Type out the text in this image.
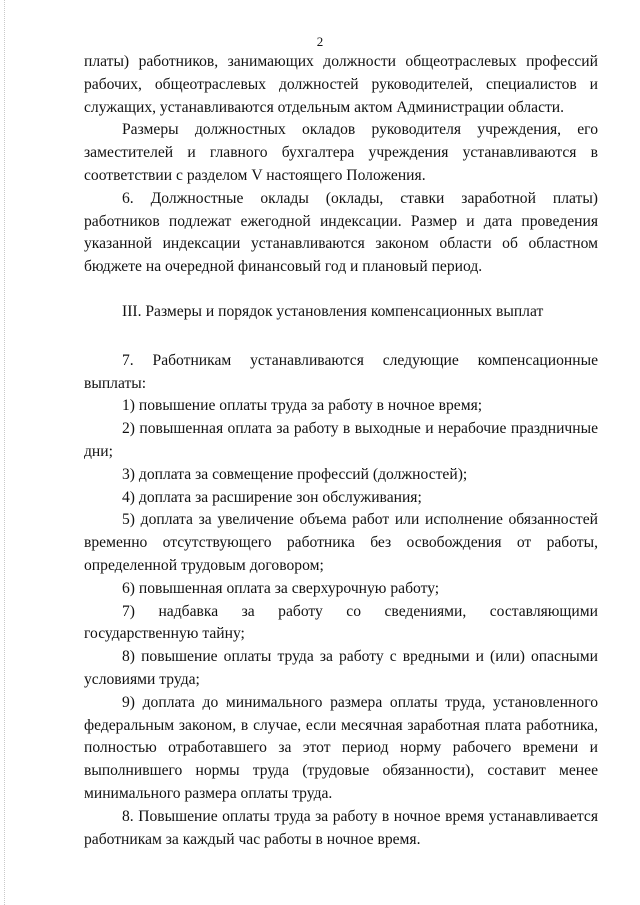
2

платы) работников, занимающих должности общеотраслевых профессий рабочих, общеотраслевых должностей руководителей, специалистов и служащих, устанавливаются отдельным актом Администрации области.

Размеры должностных окладов руководителя учреждения, его заместителей и главного бухгалтера учреждения устанавливаются в соответствии с разделом V настоящего Положения.

6. Должностные оклады (оклады, ставки заработной платы) работников подлежат ежегодной индексации. Размер и дата проведения указанной индексации устанавливаются законом области об областном бюджете на очередной финансовый год и плановый период.

III. Размеры и порядок установления компенсационных выплат

7. Работникам устанавливаются следующие компенсационные выплаты:

1) повышение оплаты труда за работу в ночное время;

2) повышенная оплата за работу в выходные и нерабочие праздничные дни;

3) доплата за совмещение профессий (должностей);

4) доплата за расширение зон обслуживания;

5) доплата за увеличение объема работ или исполнение обязанностей временно отсутствующего работника без освобождения от работы, определенной трудовым договором;

6) повышенная оплата за сверхурочную работу;

7) надбавка за работу со сведениями, составляющими государственную тайну;

8) повышение оплаты труда за работу с вредными и (или) опасными условиями труда;

9) доплата до минимального размера оплаты труда, установленного федеральным законом, в случае, если месячная заработная плата работника, полностью отработавшего за этот период норму рабочего времени и выполнившего нормы труда (трудовые обязанности), составит менее минимального размера оплаты труда.

8. Повышение оплаты труда за работу в ночное время устанавливается работникам за каждый час работы в ночное время.
